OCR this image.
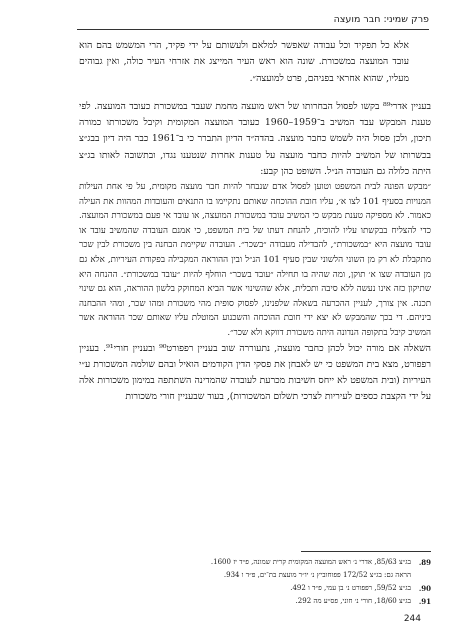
פרק שמיני: חבר מועצה

אלא כל תפקיד וכל עבודה שאפשר למלאם ולעשותם על ידי פקיד, הרי המשמש בהם הוא עובד המועצה במשכורת. שונה הוא ראש העיר המייצג את אזרחי העיר כולה, ואין גבוהים מעליו, שהוא אחראי בפניהם, פרט למועצה״.

בעניין אדרי⁸⁹ בקשו לפסול הבחרותו של ראש מועצה מחמת שעבד במשכורת כעובד המועצה. לפי טענת המבקש עבד המשיב ב־1959–1960 כעובד המועצה המקומית וקיבל משכורתו כמורה תיכון, ולכן פסול היה לשמש כחבר מועצה. בהדה״ד הדיון התברר כי ב־1961 כבר היה דיון בבג״צ בכשרותו של המשיב להיות כחבר מועצה על טענות אחרות שנטענו נגדו, ובתשובה לאותו בג״צ היתה כלולה גם העובדה הנ״ל. השופט כהן קבע:

״מבקש הפונה לבית המשפט וטוען לפסול אדם שנבחר להיות חבר מועצה מקומית, על פי אחת העילות המנויות בסעיף 101 לצו א׳, עליו חובת ההוכחה שאותם נתקיימו בו התנאים והעובדות המהוות את העילה כאמור. לא מספיקה טענת מבקש כי המשיב עובד במשכורת המועצה, או עובד אי פעם במשכורת המועצה. כדי להצליח בבקשתו עליו להוכיח, להנחת דעתו של בית המשפט, כי אמנם העובדה שהמשיב עובד או עובד מועצה היא ״במשכורת״, להבדילה מעבודה ״בשכר״. העובדה שקיימת הבחנה בין משכורת לבין שכר מתקבלת לא רק מן השוני הלשוני שבין סעיף 101 הנ״ל ובין ההוראה המקבילה בפקודת העיריות, אלא גם מן העובדה שצו א׳ תוקן, ומה שהיה בו תחילה ״עובד בשכר״ הוחלף להיות ״עובד במשכורת״. ההנחה היא שתיקון כזה אינו נעשה ללא סיבה ותכלית, אלא שהשינוי אשר הביא המחוקק בלשון ההוראה, הוא גם שינוי תכנה. אין צורך, לעניין ההכרעה בשאלה שלפנינו, לפסוק סופית מהי משכורת ומהו שכר, ומהי ההבחנה ביניהם. די בכך שהמבקש לא יצא ידי חובת ההוכחה והשכנוע המוטלת עליו שאותם שכר ההוראה אשר המשיב קיבל בתקופה הנדונה היתה משכורת דווקא ולא שכר״.

השאלה אם מורה יכול לכהן כחבר מועצה, נתעוררה שוב בעניין רפפורט⁹⁰ ובעניין חורי⁹¹. בעניין רפפורט, מצא בית המשפט כי יש לאבחן את פסקי הדין הקודמים הואיל ובהם שולמה המשכורת ע״י העיריות (ובית המשפט לא ייחס חשיבות מכרעת לעובדה שהמדינה השתתפה במימון משכורות אלה על ידי הקצבת כספים לעיריות לצרכי תשלום המשכורות), בעוד שבעניין חורי משכורות

89.
בג״צ 85/63, אדרי נ׳ ראש המועצה המקומית קרית שמונה, פ״ד יז 1600.
הראה גם: בג״צ 172/52 פפוחוביץ נ׳ יו״ר מועצת בת־ים, פ״ד ו 934.
90.
בג״צ 59/52, רפפורט נ׳ בן עמי, פ״ד ו 492.
91.
בג״צ 18/60, חורי נ׳ חוני, פס״ע מה 292.
244
